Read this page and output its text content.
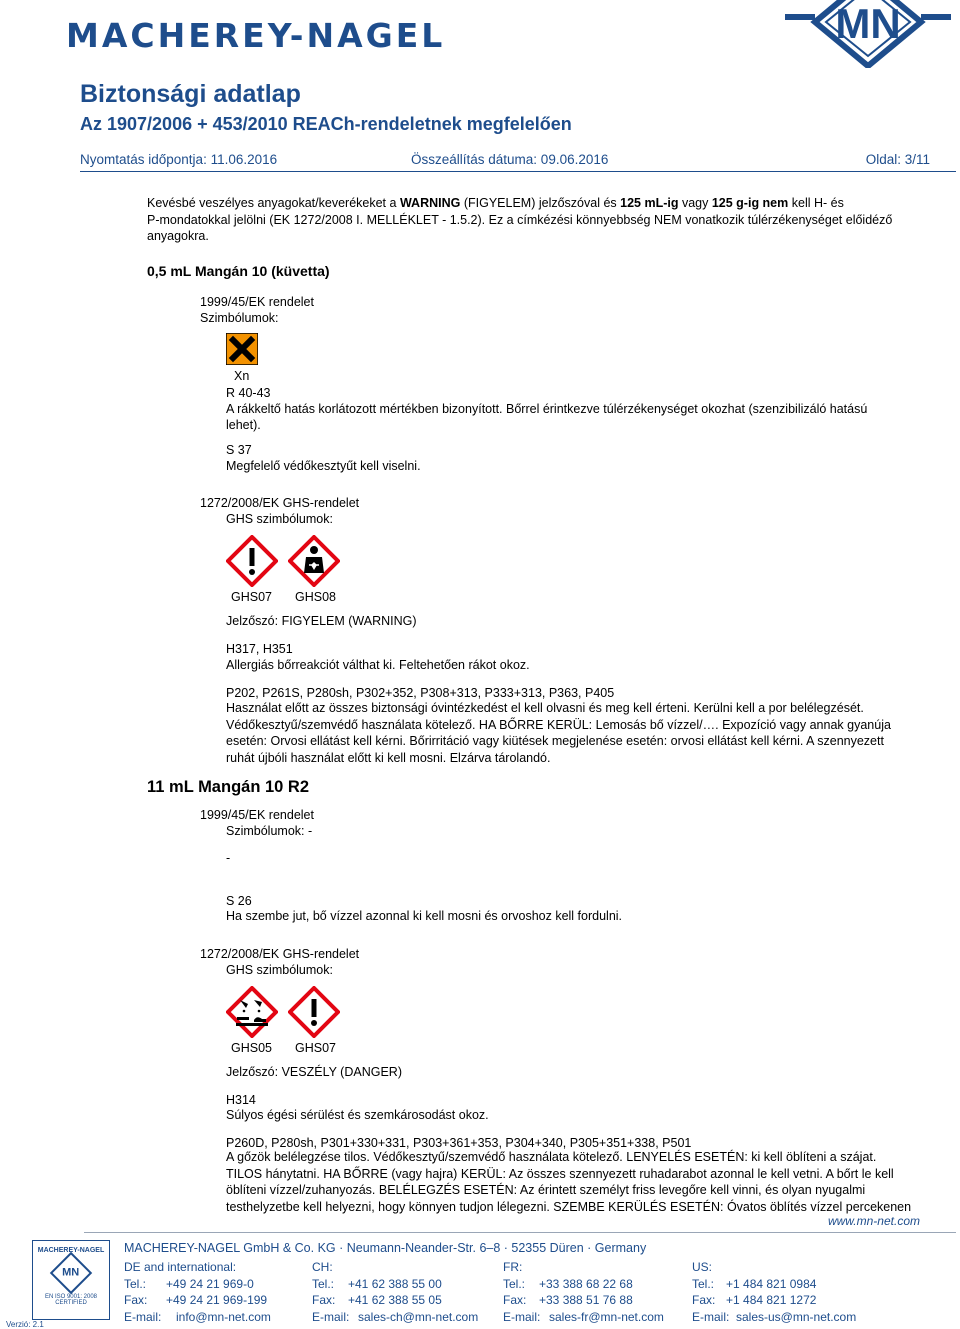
MACHEREY-NAGEL	MN
Biztonsági adatlap
Az 1907/2006 + 453/2010 REACh-rendeletnek megfelelően
Nyomtatás időpontja: 11.06.2016	Összeállítás dátuma: 09.06.2016	Oldal: 3/11
Kevésbé veszélyes anyagokat/keverékeket a WARNING (FIGYELEM) jelzőszóval és 125 mL-ig vagy 125 g-ig nem kell H- és
P-mondatokkal jelölni (EK 1272/2008 I. MELLÉKLET - 1.5.2). Ez a címkézési könnyebbség NEM vonatkozik túlérzékenységet előidéző
anyagokra.
0,5 mL Mangán 10 (küvetta)
1999/45/EK rendelet
Szimbólumok:
Xn
R 40-43
A rákkeltő hatás korlátozott mértékben bizonyított. Bőrrel érintkezve túlérzékenységet okozhat (szenzibilizáló hatású
lehet).
S 37
Megfelelő védőkesztyűt kell viselni.
1272/2008/EK GHS-rendelet
GHS szimbólumok:
GHS07 GHS08
Jelzőszó: FIGYELEM (WARNING)
H317, H351
Allergiás bőrreakciót válthat ki. Feltehetően rákot okoz.
P202, P261S, P280sh, P302+352, P308+313, P333+313, P363, P405
Használat előtt az összes biztonsági óvintézkedést el kell olvasni és meg kell érteni. Kerülni kell a por belélegzését.
Védőkesztyű/szemvédő használata kötelező. HA BŐRRE KERÜL: Lemosás bő vízzel/…. Expozíció vagy annak gyanúja
esetén: Orvosi ellátást kell kérni. Bőrirritáció vagy kiütések megjelenése esetén: orvosi ellátást kell kérni. A szennyezett
ruhát újbóli használat előtt ki kell mosni. Elzárva tárolandó.
11 mL Mangán 10 R2
1999/45/EK rendelet
Szimbólumok: -
-
S 26
Ha szembe jut, bő vízzel azonnal ki kell mosni és orvoshoz kell fordulni.
1272/2008/EK GHS-rendelet
GHS szimbólumok:
GHS05 GHS07
Jelzőszó: VESZÉLY (DANGER)
H314
Súlyos égési sérülést és szemkárosodást okoz.
P260D, P280sh, P301+330+331, P303+361+353, P304+340, P305+351+338, P501
A gőzök belélegzése tilos. Védőkesztyű/szemvédő használata kötelező. LENYELÉS ESETÉN: ki kell öblíteni a szájat.
TILOS hánytatni. HA BŐRRE (vagy hajra) KERÜL: Az összes szennyezett ruhadarabot azonnal le kell vetni. A bőrt le kell
öblíteni vízzel/zuhanyozás. BELÉLEGZÉS ESETÉN: Az érintett személyt friss levegőre kell vinni, és olyan nyugalmi
testhelyzetbe kell helyezni, hogy könnyen tudjon lélegezni. SZEMBE KERÜLÉS ESETÉN: Óvatos öblítés vízzel percekenen
www.mn-net.com
MACHEREY-NAGEL
MN
EN ISO 9001: 2008
CERTIFIED
Verzió: 2.1
MACHEREY-NAGEL GmbH & Co. KG · Neumann-Neander-Str. 6–8 · 52355 Düren · Germany
DE and international:
Tel.: +49 24 21 969-0
Fax: +49 24 21 969-199
E-mail: info@mn-net.com
CH:
Tel.: +41 62 388 55 00
Fax: +41 62 388 55 05
E-mail: sales-ch@mn-net.com
FR:
Tel.: +33 388 68 22 68
Fax: +33 388 51 76 88
E-mail: sales-fr@mn-net.com
US:
Tel.: +1 484 821 0984
Fax: +1 484 821 1272
E-mail: sales-us@mn-net.com
